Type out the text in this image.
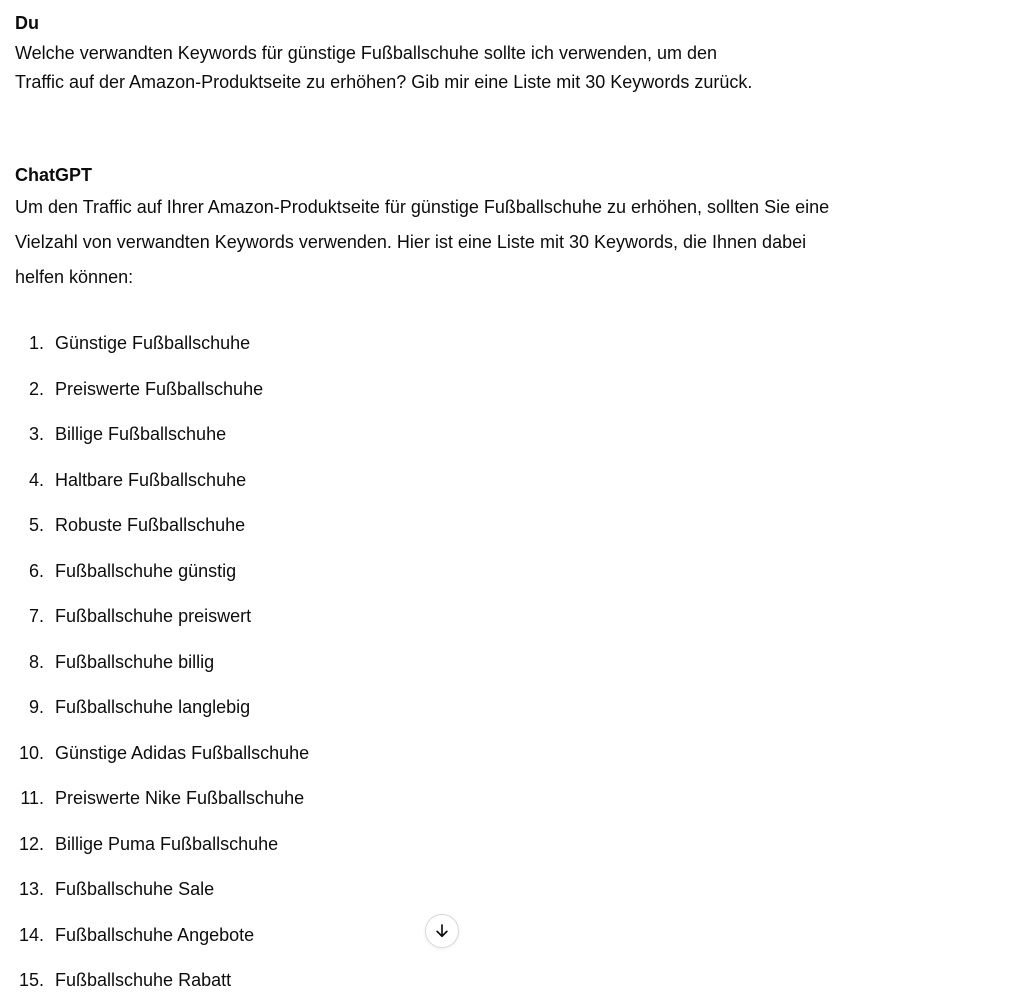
Du
Welche verwandten Keywords für günstige Fußballschuhe sollte ich verwenden, um den
Traffic auf der Amazon-Produktseite zu erhöhen? Gib mir eine Liste mit 30 Keywords zurück.
ChatGPT
Um den Traffic auf Ihrer Amazon-Produktseite für günstige Fußballschuhe zu erhöhen, sollten Sie eine
Vielzahl von verwandten Keywords verwenden. Hier ist eine Liste mit 30 Keywords, die Ihnen dabei
helfen können:
1. Günstige Fußballschuhe
2. Preiswerte Fußballschuhe
3. Billige Fußballschuhe
4. Haltbare Fußballschuhe
5. Robuste Fußballschuhe
6. Fußballschuhe günstig
7. Fußballschuhe preiswert
8. Fußballschuhe billig
9. Fußballschuhe langlebig
10. Günstige Adidas Fußballschuhe
11. Preiswerte Nike Fußballschuhe
12. Billige Puma Fußballschuhe
13. Fußballschuhe Sale
14. Fußballschuhe Angebote
15. Fußballschuhe Rabatt
